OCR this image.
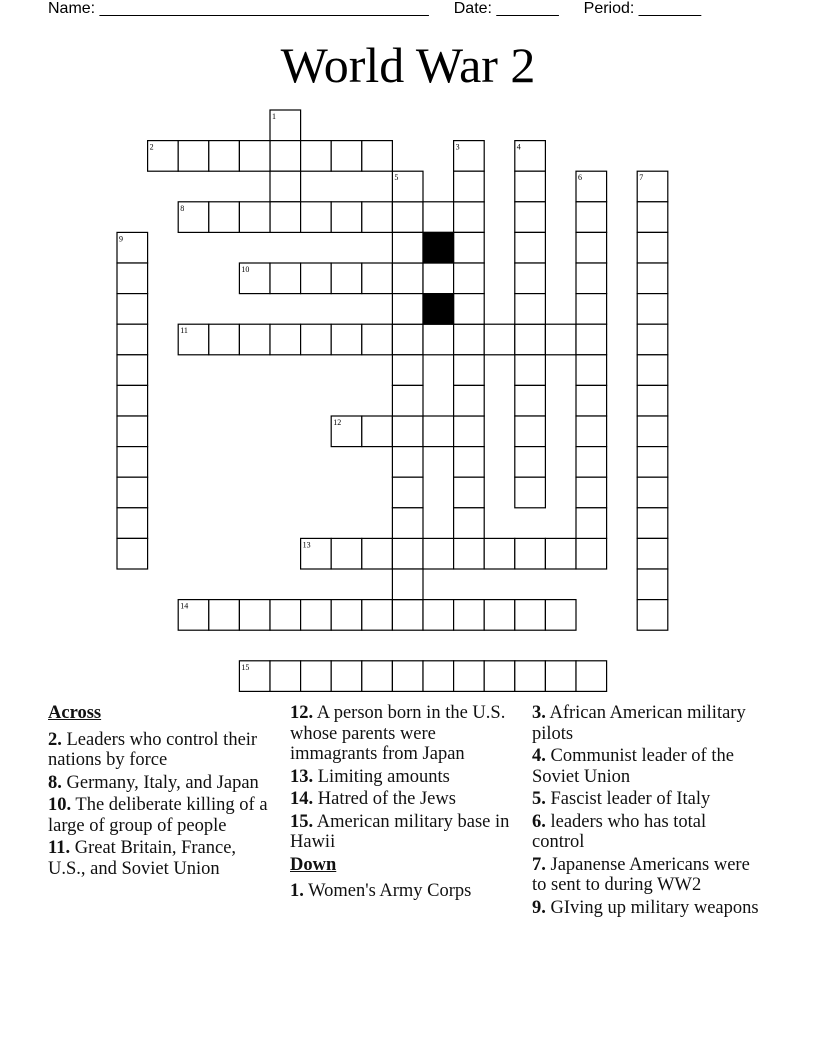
Name: _____________________________________ Date: _______ Period: _______
World War 2
1
2	3	4
5	6	7
8
9
10
11
12
13
14
15
Across
2. Leaders who control their nations by force
8. Germany, Italy, and Japan
10. The deliberate killing of a large of group of people
11. Great Britain, France, U.S., and Soviet Union
12. A person born in the U.S. whose parents were immagrants from Japan
13. Limiting amounts
14. Hatred of the Jews
15. American military base in Hawii
Down
1. Women's Army Corps
3. African American military pilots
4. Communist leader of the Soviet Union
5. Fascist leader of Italy
6. leaders who has total control
7. Japanense Americans were to sent to during WW2
9. GIving up military weapons
